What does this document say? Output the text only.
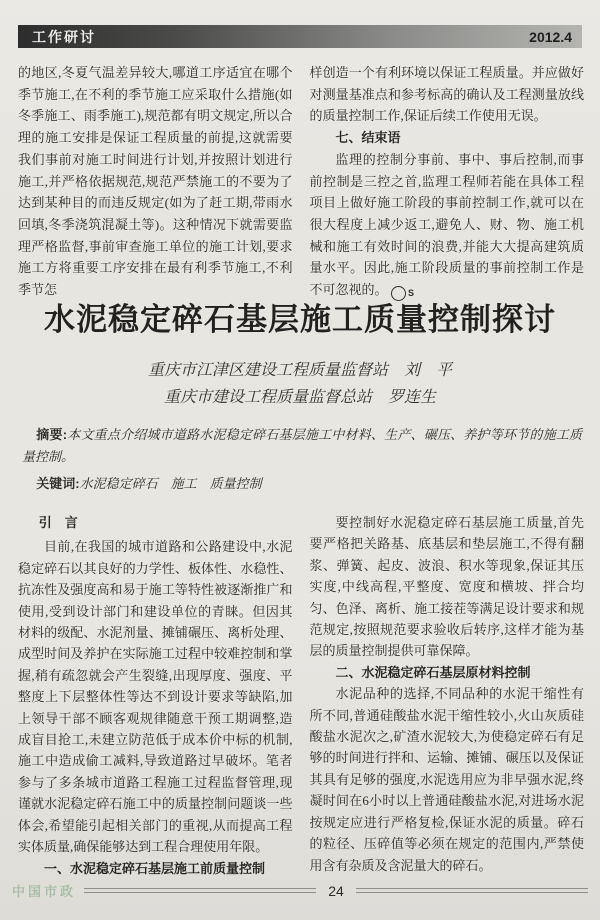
工作研讨	2012.4

的地区,冬夏气温差异较大,哪道工序适宜在哪个季节施工,在不利的季节施工应采取什么措施(如冬季施工、雨季施工),规范都有明文规定,所以合理的施工安排是保证工程质量的前提,这就需要我们事前对施工时间进行计划,并按照计划进行施工,并严格依据规范,规范严禁施工的不要为了达到某种目的而违反规定(如为了赶工期,带雨水回填,冬季浇筑混凝土等)。这种情况下就需要监理严格监督,事前审查施工单位的施工计划,要求施工方将重要工序安排在最有利季节施工,不利季节怎

样创造一个有利环境以保证工程质量。并应做好对测量基准点和参考标高的确认及工程测量放线的质量控制工作,保证后续工作使用无误。

七、结束语

监理的控制分事前、事中、事后控制,而事前控制是三控之首,监理工程师若能在具体工程项目上做好施工阶段的事前控制工作,就可以在很大程度上减少返工,避免人、财、物、施工机械和施工有效时间的浪费,并能大大提高建筑质量水平。因此,施工阶段质量的事前控制工作是不可忽视的。	S

水泥稳定碎石基层施工质量控制探讨

重庆市江津区建设工程质量监督站　刘　平

重庆市建设工程质量监督总站　罗连生

摘要:本文重点介绍城市道路水泥稳定碎石基层施工中材料、生产、碾压、养护等环节的施工质量控制。

关键词:水泥稳定碎石　施工　质量控制

引　言

目前,在我国的城市道路和公路建设中,水泥稳定碎石以其良好的力学性、板体性、水稳性、抗冻性及强度高和易于施工等特性被逐渐推广和使用,受到设计部门和建设单位的青睐。但因其材料的级配、水泥剂量、摊铺碾压、离析处理、成型时间及养护在实际施工过程中较难控制和掌握,稍有疏忽就会产生裂缝,出现厚度、强度、平整度上下层整体性等达不到设计要求等缺陷,加上领导干部不顾客观规律随意干预工期调整,造成盲目抢工,未建立防范低于成本价中标的机制,施工中造成偷工减料,导致道路过早破坏。笔者参与了多条城市道路工程施工过程监督管理,现谨就水泥稳定碎石施工中的质量控制问题谈一些体会,希望能引起相关部门的重视,从而提高工程实体质量,确保能够达到工程合理使用年限。

一、水泥稳定碎石基层施工前质量控制

要控制好水泥稳定碎石基层施工质量,首先要严格把关路基、底基层和垫层施工,不得有翻浆、弹簧、起皮、波浪、积水等现象,保证其压实度,中线高程,平整度、宽度和横坡、拌合均匀、色泽、离析、施工接茬等满足设计要求和规范规定,按照规范要求验收后转序,这样才能为基层的质量控制提供可靠保障。

二、水泥稳定碎石基层原材料控制

水泥品种的选择,不同品种的水泥干缩性有所不同,普通硅酸盐水泥干缩性较小,火山灰质硅酸盐水泥次之,矿渣水泥较大,为使稳定碎石有足够的时间进行拌和、运输、摊铺、碾压以及保证其具有足够的强度,水泥选用应为非早强水泥,终凝时间在6小时以上普通硅酸盐水泥,对进场水泥按规定应进行严格复检,保证水泥的质量。碎石的粒径、压碎值等必须在规定的范围内,严禁使用含有杂质及含泥量大的碎石。

中国市政	24
